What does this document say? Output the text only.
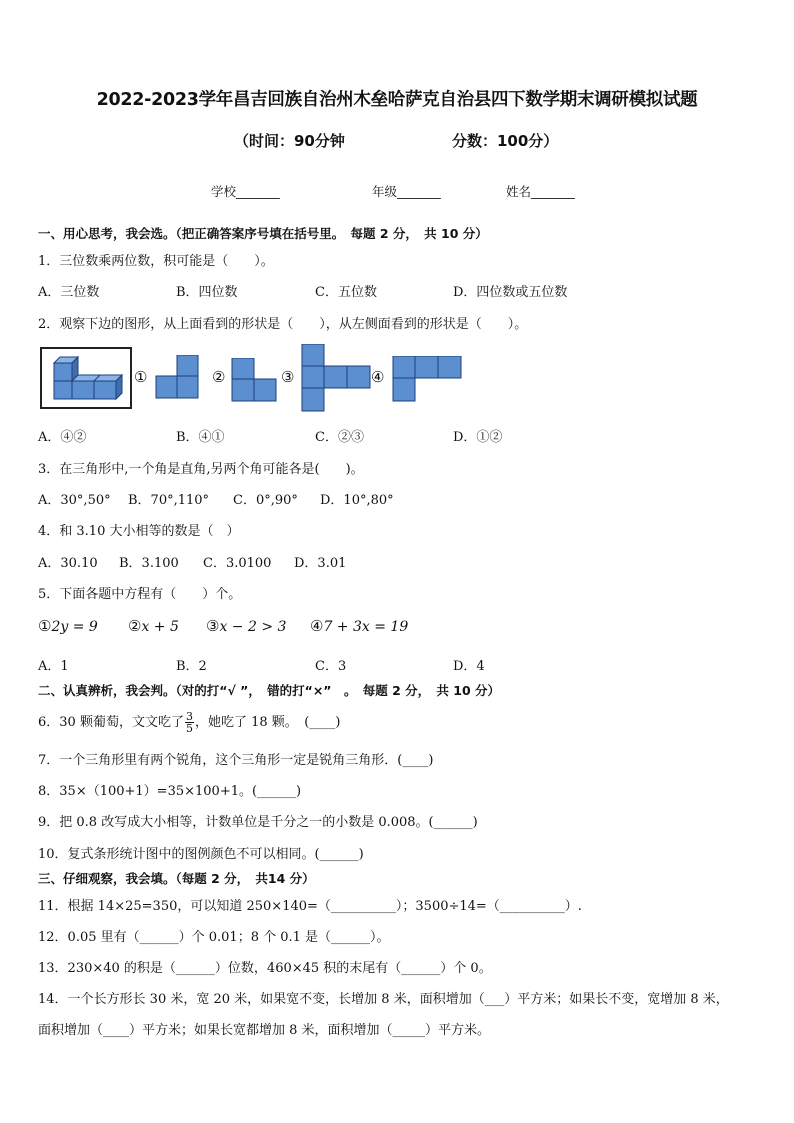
2022-2023学年昌吉回族自治州木垒哈萨克自治县四下数学期末调研模拟试题
（时间：90分钟	分数：100分）
学校_______	年级_______	姓名_______
一、用心思考，我会选。（把正确答案序号填在括号里。　每题 2 分，　共 10 分）
1．三位数乘两位数，积可能是（　　）。
A．三位数	B．四位数	C．五位数	D．四位数或五位数
2．观察下边的图形，从上面看到的形状是（　　），从左侧面看到的形状是（　　）。
①	②	③	④
A．④②	B．④①	C．②③	D．①②
3．在三角形中,一个角是直角,另两个角可能各是(　　)。
A．30°,50° B．70°,110° C．0°,90° D．10°,80°
4．和 3.10 大小相等的数是（　）
A．30.10 B．3.100 C．3.0100 D．3.01
5．下面各题中方程有（　　）个。
①2y = 9 ②x + 5 ③x − 2 > 3 ④7 + 3x = 19
A．1	B．2	C．3	D．4
二、认真辨析，我会判。（对的打“√ ”，　错的打“×”　。　每题 2 分，　共 10 分）
6．30 颗葡萄，文文吃了 $\frac{3}{5}$ ，她吃了 18 颗。　(____)
7．一个三角形里有两个锐角，这个三角形一定是锐角三角形．(____)
8．35×（100+1）=35×100+1。(______)
9．把 0.8 改写成大小相等，计数单位是千分之一的小数是 0.008。(______)
10．复式条形统计图中的图例颜色不可以相同。(______)
三、仔细观察，我会填。（每题 2 分，　共14 分）
11．根据 14×25=350，可以知道 250×140=（__________）；3500÷14=（__________）.
12．0.05 里有（______）个 0.01；8 个 0.1 是（______）。
13．230×40 的积是（______）位数，460×45 积的末尾有（______）个 0。
14．一个长方形长 30 米，宽 20 米，如果宽不变，长增加 8 米，面积增加（___）平方米；如果长不变，宽增加 8 米，
面积增加（____）平方米；如果长宽都增加 8 米，面积增加（_____）平方米。
